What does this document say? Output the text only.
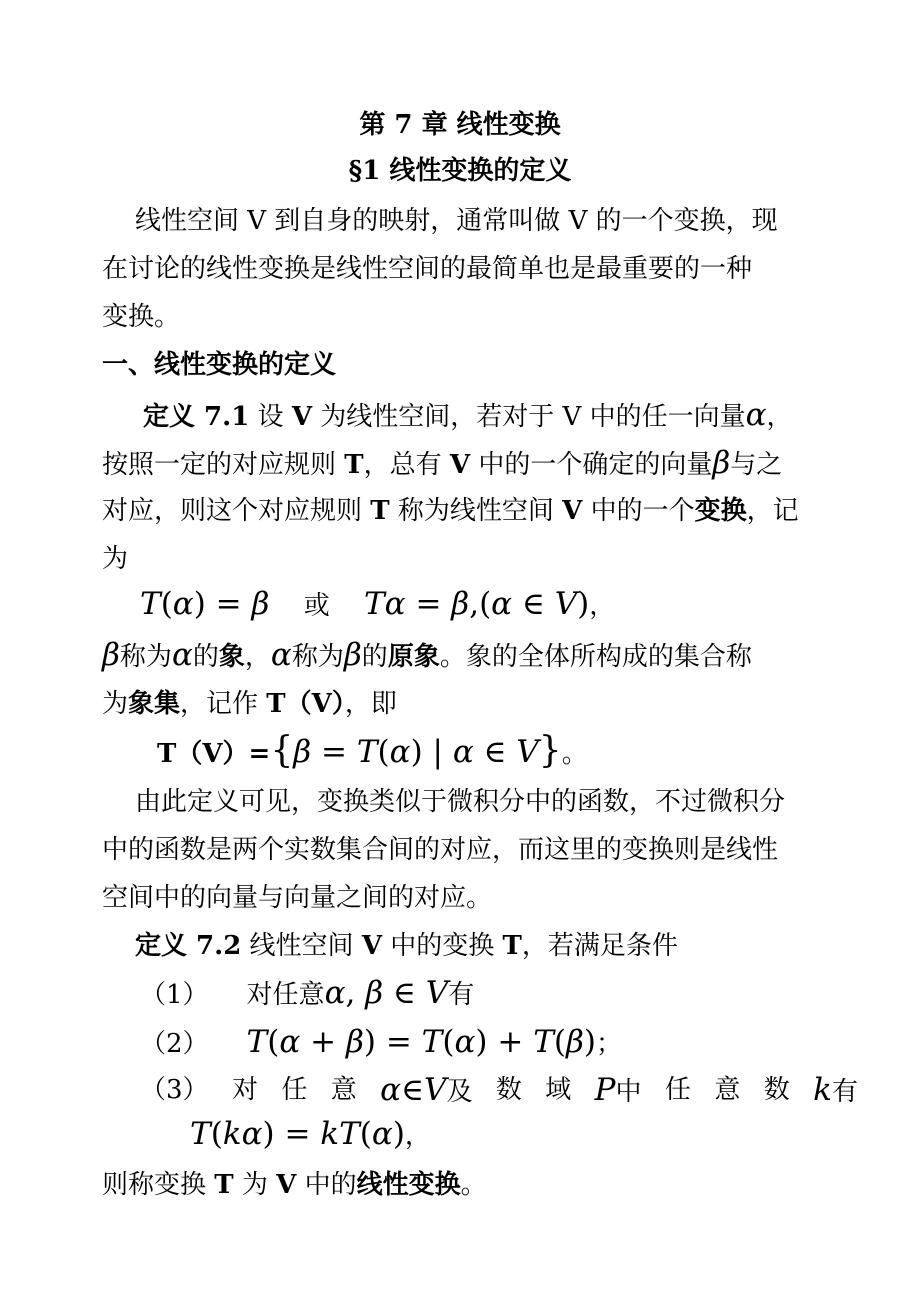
第 7 章 线性变换
§1 线性变换的定义
线性空间 V 到自身的映射，通常叫做 V 的一个变换，现
在讨论的线性变换是线性空间的最简单也是最重要的一种
变换。
一、线性变换的定义
定义 7.1 设 V 为线性空间，若对于 V 中的任一向量α，
按照一定的对应规则 T，总有 V 中的一个确定的向量β与之
对应，则这个对应规则 T 称为线性空间 V 中的一个变换，记
为
T(α) = β 或 Tα = β,(α ∈ V)，
β称为α的象，α称为β的原象。象的全体所构成的集合称
为象集，记作 T（V），即
T（V）={β = T(α) | α ∈ V}。
由此定义可见，变换类似于微积分中的函数，不过微积分
中的函数是两个实数集合间的对应，而这里的变换则是线性
空间中的向量与向量之间的对应。
定义 7.2 线性空间 V 中的变换 T，若满足条件
（1） 对任意α, β ∈ V有
（2） T(α + β) = T(α) + T(β)；
（3） 对 任 意 α∈V及 数 域 P中 任 意 数 k有
T(kα) = kT(α)，
则称变换 T 为 V 中的线性变换。
